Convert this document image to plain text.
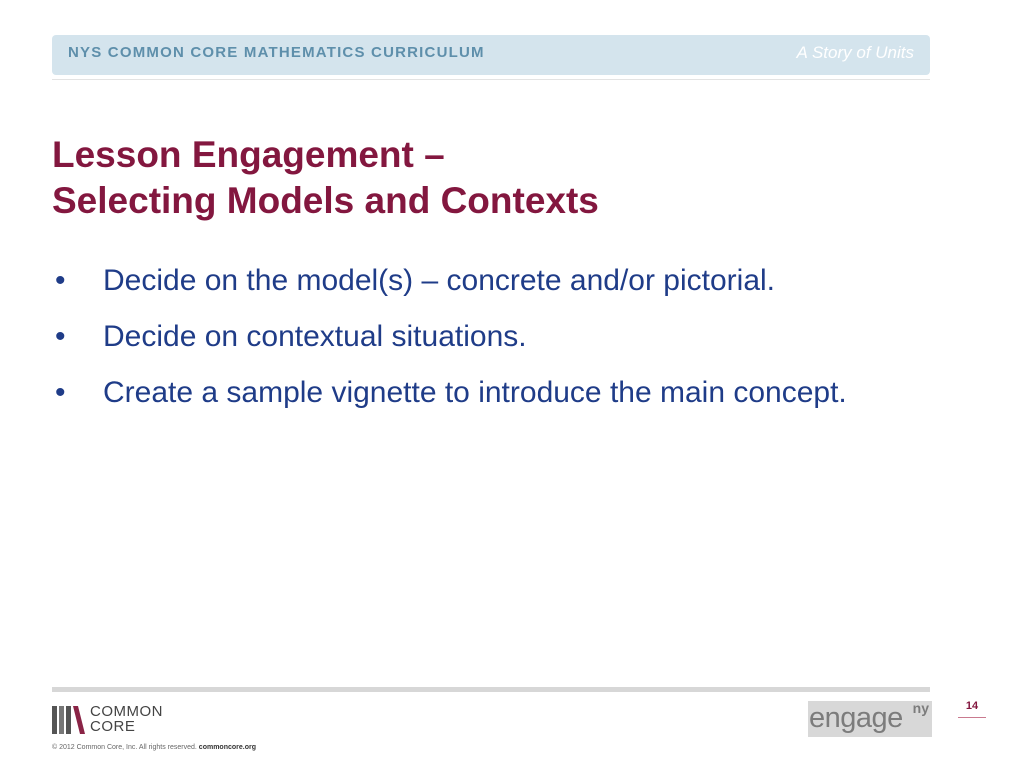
NYS COMMON CORE MATHEMATICS CURRICULUM	A Story of Units
Lesson Engagement –
Selecting Models and Contexts
• Decide on the model(s) – concrete and/or pictorial.
• Decide on contextual situations.
• Create a sample vignette to introduce the main concept.
COMMON
CORE
© 2012 Common Core, Inc. All rights reserved. commoncore.org
engage ny	14
